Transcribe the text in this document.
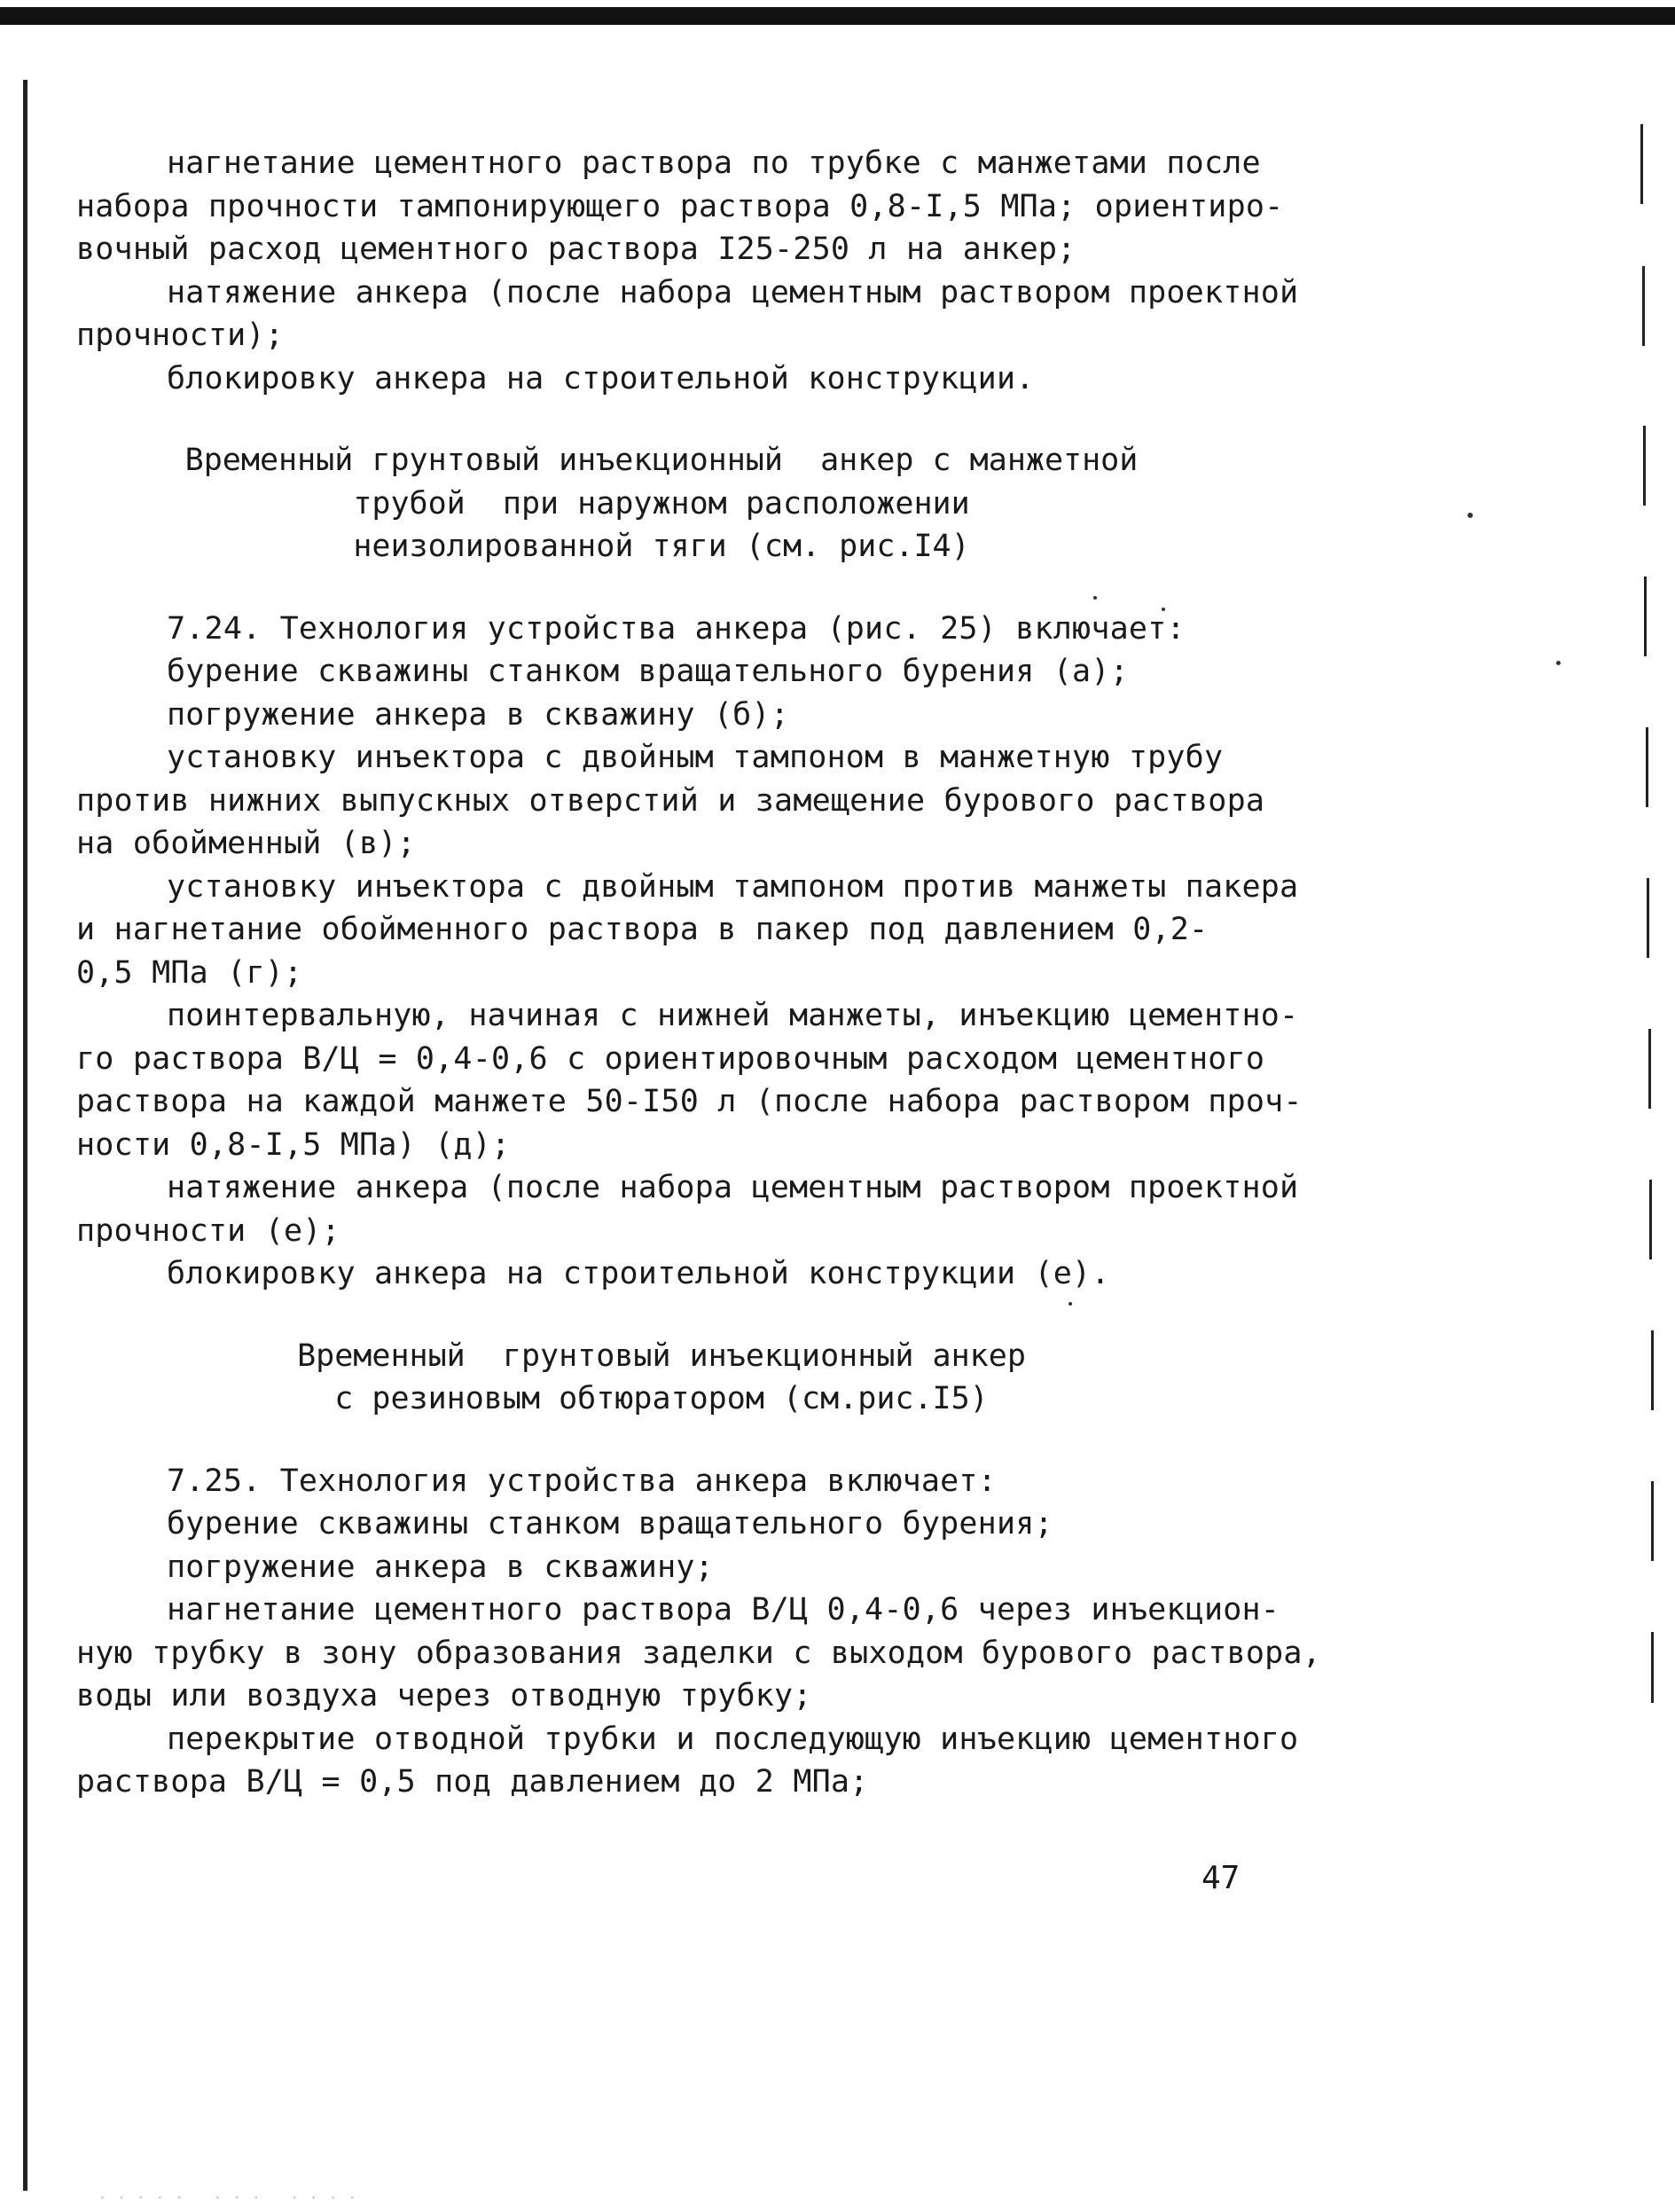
нагнетание цементного раствора по трубке с манжетами после
набора прочности тампонирующего раствора 0,8-I,5 МПа; ориентиро-
вочный расход цементного раствора I25-250 л на анкер;
натяжение анкера (после набора цементным раствором проектной
прочности);
блокировку анкера на строительной конструкции.
Временный грунтовый инъекционный  анкер с манжетной
трубой  при наружном расположении
неизолированной тяги (см. рис.I4)
7.24. Технология устройства анкера (рис. 25) включает:
бурение скважины станком вращательного бурения (а);
погружение анкера в скважину (б);
установку инъектора с двойным тампоном в манжетную трубу
против нижних выпускных отверстий и замещение бурового раствора
на обойменный (в);
установку инъектора с двойным тампоном против манжеты пакера
и нагнетание обойменного раствора в пакер под давлением 0,2-
0,5 МПа (г);
поинтервальную, начиная с нижней манжеты, инъекцию цементно-
го раствора В/Ц = 0,4-0,6 с ориентировочным расходом цементного
раствора на каждой манжете 50-I50 л (после набора раствором проч-
ности 0,8-I,5 МПа) (д);
натяжение анкера (после набора цементным раствором проектной
прочности (е);
блокировку анкера на строительной конструкции (е).
Временный  грунтовый инъекционный анкер
с резиновым обтюратором (см.рис.I5)
7.25. Технология устройства анкера включает:
бурение скважины станком вращательного бурения;
погружение анкера в скважину;
нагнетание цементного раствора В/Ц 0,4-0,6 через инъекцион-
ную трубку в зону образования заделки с выходом бурового раствора,
воды или воздуха через отводную трубку;
перекрытие отводной трубки и последующую инъекцию цементного
раствора В/Ц = 0,5 под давлением до 2 МПа;
47
· · · · ·   · · ·   · · · ·
